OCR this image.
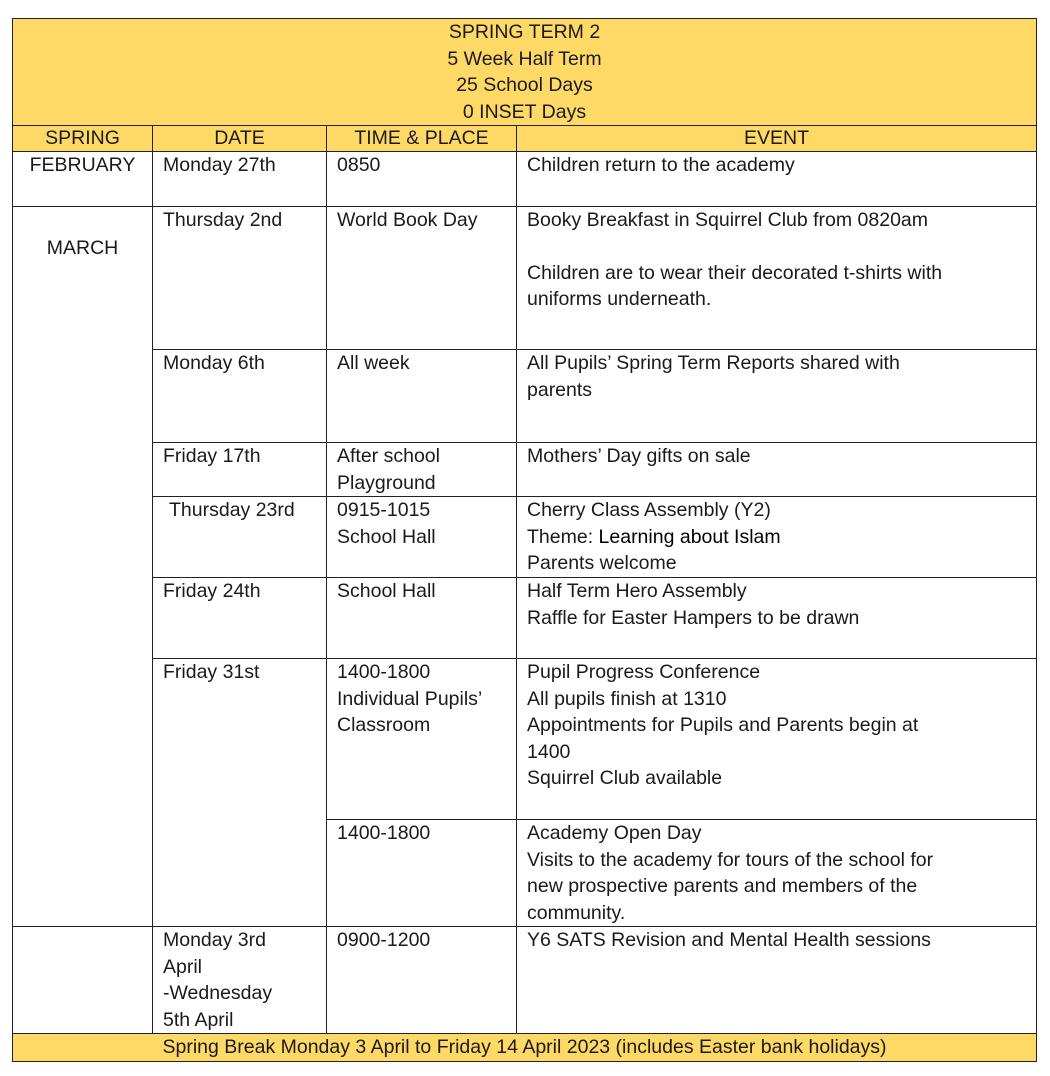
SPRING TERM 2
5 Week Half Term
25 School Days
0 INSET Days			

SPRING	DATE	TIME & PLACE	EVENT
FEBRUARY	Monday 27th	0850	Children return to the academy

MARCH	Thursday 2nd	World Book Day	Booky Breakfast in Squirrel Club from 0820am
Children are to wear their decorated t-shirts with
uniforms underneath.

	Monday 6th	All week	All Pupils’ Spring Term Reports shared with
parents

	Friday 17th	After school
Playground	Mothers’ Day gifts on sale

	Thursday 23rd	0915-1015
School Hall	Cherry Class Assembly (Y2)
Theme: Learning about Islam
Parents welcome

	Friday 24th	School Hall	Half Term Hero Assembly
Raffle for Easter Hampers to be drawn

	Friday 31st	1400-1800
Individual Pupils’
Classroom	Pupil Progress Conference
All pupils finish at 1310
Appointments for Pupils and Parents begin at
1400
Squirrel Club available

		1400-1800	Academy Open Day
Visits to the academy for tours of the school for
new prospective parents and members of the
community.

	Monday 3rd
April
-Wednesday
5th April	0900-1200	Y6 SATS Revision and Mental Health sessions

Spring Break Monday 3 April to Friday 14 April 2023 (includes Easter bank holidays)			
